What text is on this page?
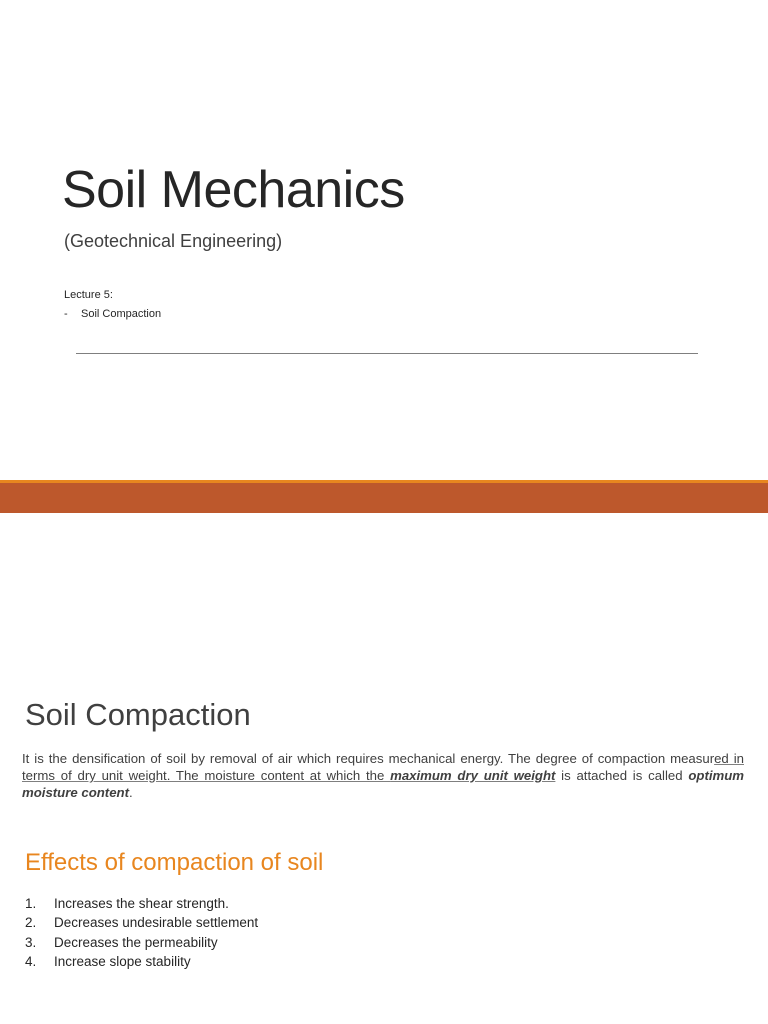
Soil Mechanics
(Geotechnical Engineering)
Lecture 5:
- Soil Compaction
Soil Compaction
It is the densification of soil by removal of air which requires mechanical energy. The degree of compaction measured in terms of dry unit weight. The moisture content at which the maximum dry unit weight is attached is called optimum moisture content.
Effects of compaction of soil
1. Increases the shear strength.
2. Decreases undesirable settlement
3. Decreases the permeability
4. Increase slope stability
